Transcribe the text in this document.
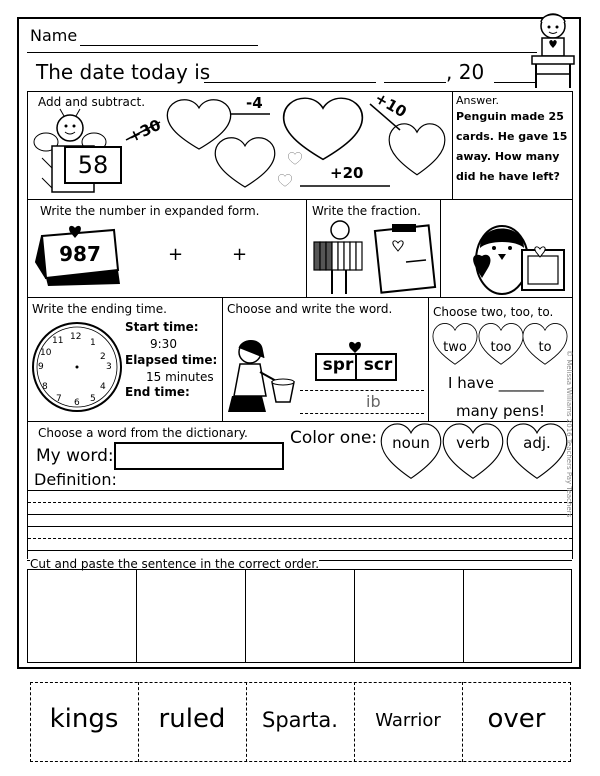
Name
The date today is	, 20
Add and subtract.
58
+30
-4	+10
+20
Answer.
Penguin made 25
cards. He gave 15
away. How many
did he have left?
Write the number in expanded form.
987	+	+
Write the fraction.
Write the ending time.
12
1
2
3
4
5
6
7
8
9
10
11
Start time:
9:30
Elapsed time:
15 minutes
End time:
Choose and write the word.
spr scr
ib
Choose two, too, to.
two	too	to
I have ______
many pens!
Choose a word from the dictionary.
My word:
Definition:
Color one: noun	verb	adj.	© Melissa Williams 2016 Teachers Pay Teachers
Cut and paste the sentence in the correct order.
kings	ruled	Sparta.	Warrior	over
